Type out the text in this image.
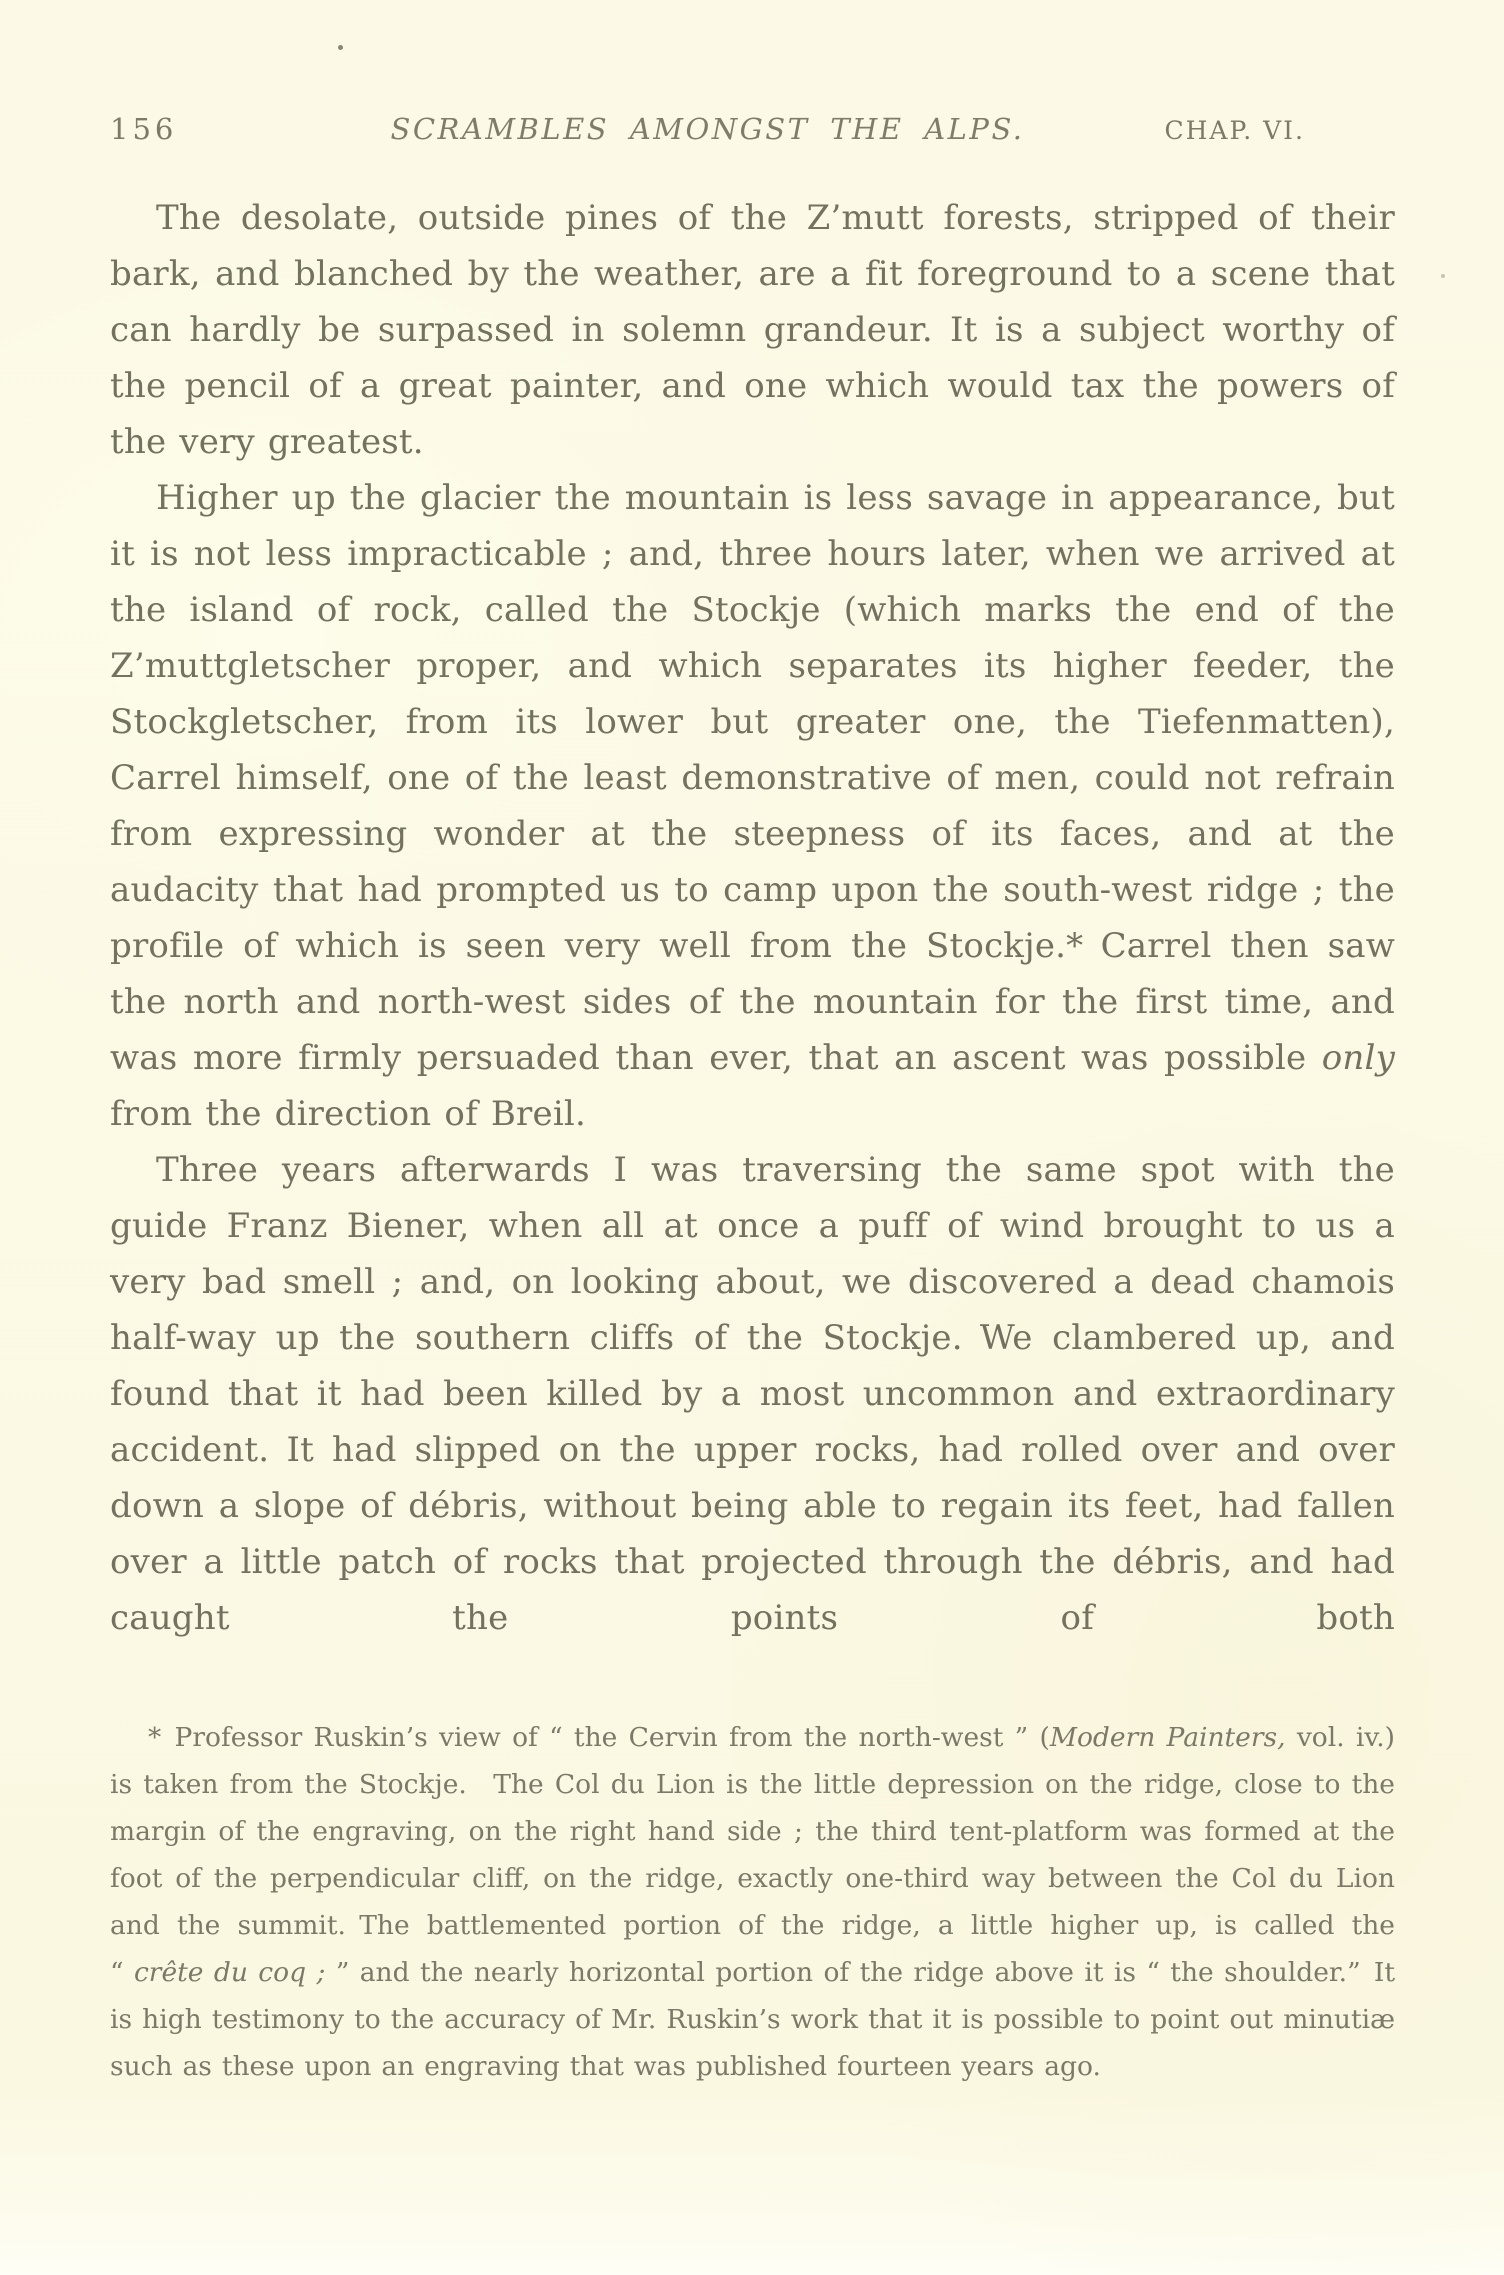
156	SCRAMBLES AMONGST THE ALPS.	CHAP. VI.

The desolate, outside pines of the Z’mutt forests, stripped of their bark, and blanched by the weather, are a fit foreground to a scene that can hardly be surpassed in solemn grandeur. It is a subject worthy of the pencil of a great painter, and one which would tax the powers of the very greatest.

Higher up the glacier the mountain is less savage in appearance, but it is not less impracticable ; and, three hours later, when we arrived at the island of rock, called the Stockje (which marks the end of the Z’muttgletscher proper, and which separates its higher feeder, the Stockgletscher, from its lower but greater one, the Tiefenmatten), Carrel himself, one of the least demonstrative of men, could not refrain from expressing wonder at the steepness of its faces, and at the audacity that had prompted us to camp upon the south-west ridge ; the profile of which is seen very well from the Stockje.* Carrel then saw the north and north-west sides of the mountain for the first time, and was more firmly persuaded than ever, that an ascent was possible only from the direction of Breil.

Three years afterwards I was traversing the same spot with the guide Franz Biener, when all at once a puff of wind brought to us a very bad smell ; and, on looking about, we discovered a dead chamois half-way up the southern cliffs of the Stockje. We clambered up, and found that it had been killed by a most uncommon and extraordinary accident. It had slipped on the upper rocks, had rolled over and over down a slope of débris, without being able to regain its feet, had fallen over a little patch of rocks that projected through the débris, and had caught the points of both

* Professor Ruskin’s view of “ the Cervin from the north-west ” (Modern Painters, vol. iv.) is taken from the Stockje. The Col du Lion is the little depression on the ridge, close to the margin of the engraving, on the right hand side ; the third tent-platform was formed at the foot of the perpendicular cliff, on the ridge, exactly one-third way between the Col du Lion and the summit. The battlemented portion of the ridge, a little higher up, is called the “ crête du coq ; ” and the nearly horizontal portion of the ridge above it is “ the shoulder.” It is high testimony to the accuracy of Mr. Ruskin’s work that it is possible to point out minutiæ such as these upon an engraving that was published fourteen years ago.
